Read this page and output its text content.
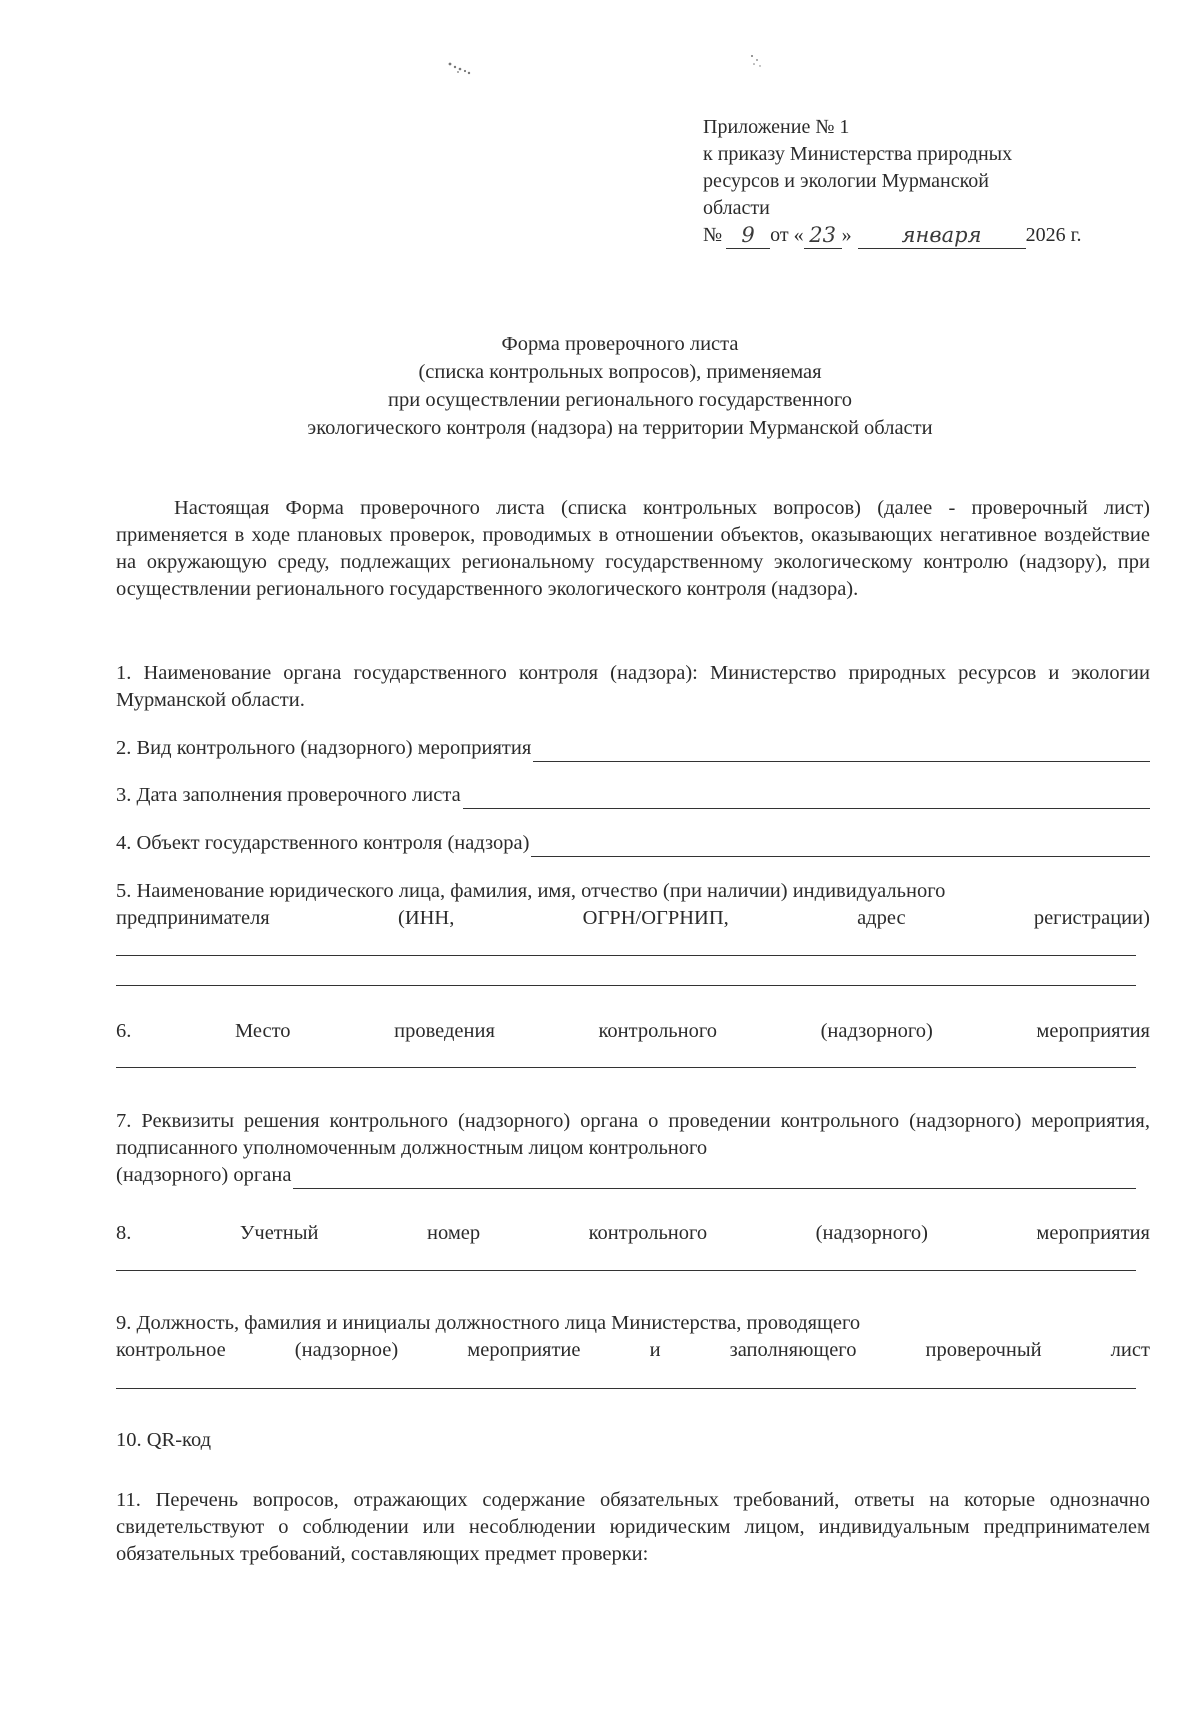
Приложение № 1
к приказу Министерства природных
ресурсов и экологии Мурманской
области
№ 9 от « 23 »	января	2026 г.
Форма проверочного листа
(списка контрольных вопросов), применяемая
при осуществлении регионального государственного
экологического контроля (надзора) на территории Мурманской области
Настоящая Форма проверочного листа (списка контрольных вопросов) (далее - проверочный лист) применяется в ходе плановых проверок, проводимых в отношении объектов, оказывающих негативное воздействие на окружающую среду, подлежащих региональному государственному экологическому контролю (надзору), при осуществлении регионального государственного экологического контроля (надзора).
1. Наименование органа государственного контроля (надзора): Министерство природных ресурсов и экологии Мурманской области.
2. Вид контрольного (надзорного) мероприятия
3. Дата заполнения проверочного листа
4. Объект государственного контроля (надзора)
5. Наименование юридического лица, фамилия, имя, отчество (при наличии) индивидуального
предпринимателя	(ИНН,	ОГРН/ОГРНИП,	адрес	регистрации)
6.	Место	проведения	контрольного	(надзорного)	мероприятия
7. Реквизиты решения контрольного (надзорного) органа о проведении контрольного (надзорного) мероприятия, подписанного уполномоченным должностным лицом контрольного
(надзорного) органа
8.	Учетный	номер	контрольного	(надзорного)	мероприятия
9. Должность, фамилия и инициалы должностного лица Министерства, проводящего
контрольное	(надзорное)	мероприятие	и	заполняющего	проверочный	лист
10. QR-код
11. Перечень вопросов, отражающих содержание обязательных требований, ответы на которые однозначно свидетельствуют о соблюдении или несоблюдении юридическим лицом, индивидуальным предпринимателем обязательных требований, составляющих предмет проверки:
